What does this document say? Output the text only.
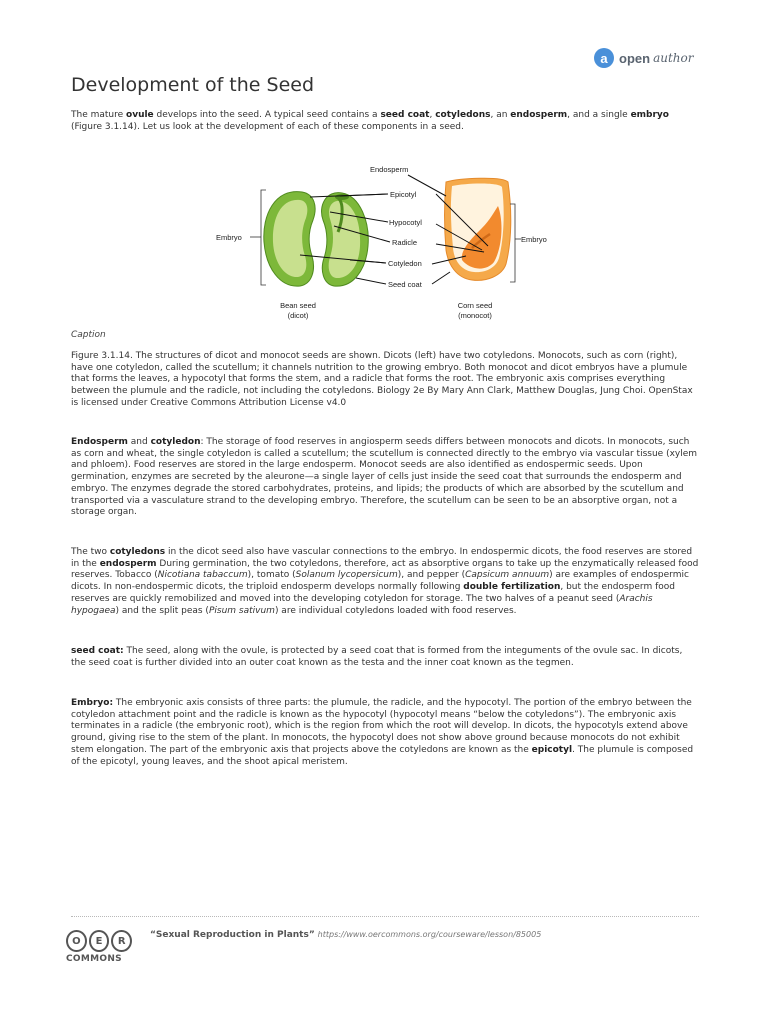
a open author
Development of the Seed

The mature ovule develops into the seed. A typical seed contains a seed coat, cotyledons, an endosperm, and a single embryo (Figure 3.1.14). Let us look at the development of each of these components in a seed.

Embryo
Endosperm
Epicotyl
Hypocotyl
Radicle
Cotyledon
Seed coat
Embryo
Bean seed
(dicot)
Corn seed
(monocot)

Caption

Figure 3.1.14. The structures of dicot and monocot seeds are shown. Dicots (left) have two cotyledons. Monocots, such as corn (right), have one cotyledon, called the scutellum; it channels nutrition to the growing embryo. Both monocot and dicot embryos have a plumule that forms the leaves, a hypocotyl that forms the stem, and a radicle that forms the root. The embryonic axis comprises everything between the plumule and the radicle, not including the cotyledons. Biology 2e By Mary Ann Clark, Matthew Douglas, Jung Choi. OpenStax is licensed under Creative Commons Attribution License v4.0

Endosperm and cotyledon: The storage of food reserves in angiosperm seeds differs between monocots and dicots. In monocots, such as corn and wheat, the single cotyledon is called a scutellum; the scutellum is connected directly to the embryo via vascular tissue (xylem and phloem). Food reserves are stored in the large endosperm. Monocot seeds are also identified as endospermic seeds. Upon germination, enzymes are secreted by the aleurone—a single layer of cells just inside the seed coat that surrounds the endosperm and embryo. The enzymes degrade the stored carbohydrates, proteins, and lipids; the products of which are absorbed by the scutellum and transported via a vasculature strand to the developing embryo. Therefore, the scutellum can be seen to be an absorptive organ, not a storage organ.

The two cotyledons in the dicot seed also have vascular connections to the embryo. In endospermic dicots, the food reserves are stored in the endosperm During germination, the two cotyledons, therefore, act as absorptive organs to take up the enzymatically released food reserves. Tobacco (Nicotiana tabaccum), tomato (Solanum lycopersicum), and pepper (Capsicum annuum) are examples of endospermic dicots. In non-endospermic dicots, the triploid endosperm develops normally following double fertilization, but the endosperm food reserves are quickly remobilized and moved into the developing cotyledon for storage. The two halves of a peanut seed (Arachis hypogaea) and the split peas (Pisum sativum) are individual cotyledons loaded with food reserves.

seed coat: The seed, along with the ovule, is protected by a seed coat that is formed from the integuments of the ovule sac. In dicots, the seed coat is further divided into an outer coat known as the testa and the inner coat known as the tegmen.

Embryo: The embryonic axis consists of three parts: the plumule, the radicle, and the hypocotyl. The portion of the embryo between the cotyledon attachment point and the radicle is known as the hypocotyl (hypocotyl means “below the cotyledons”). The embryonic axis terminates in a radicle (the embryonic root), which is the region from which the root will develop. In dicots, the hypocotyls extend above ground, giving rise to the stem of the plant. In monocots, the hypocotyl does not show above ground because monocots do not exhibit stem elongation. The part of the embryonic axis that projects above the cotyledons are known as the epicotyl. The plumule is composed of the epicotyl, young leaves, and the shoot apical meristem.

O	E	R
COMMONS
“Sexual Reproduction in Plants” https://www.oercommons.org/courseware/lesson/85005
